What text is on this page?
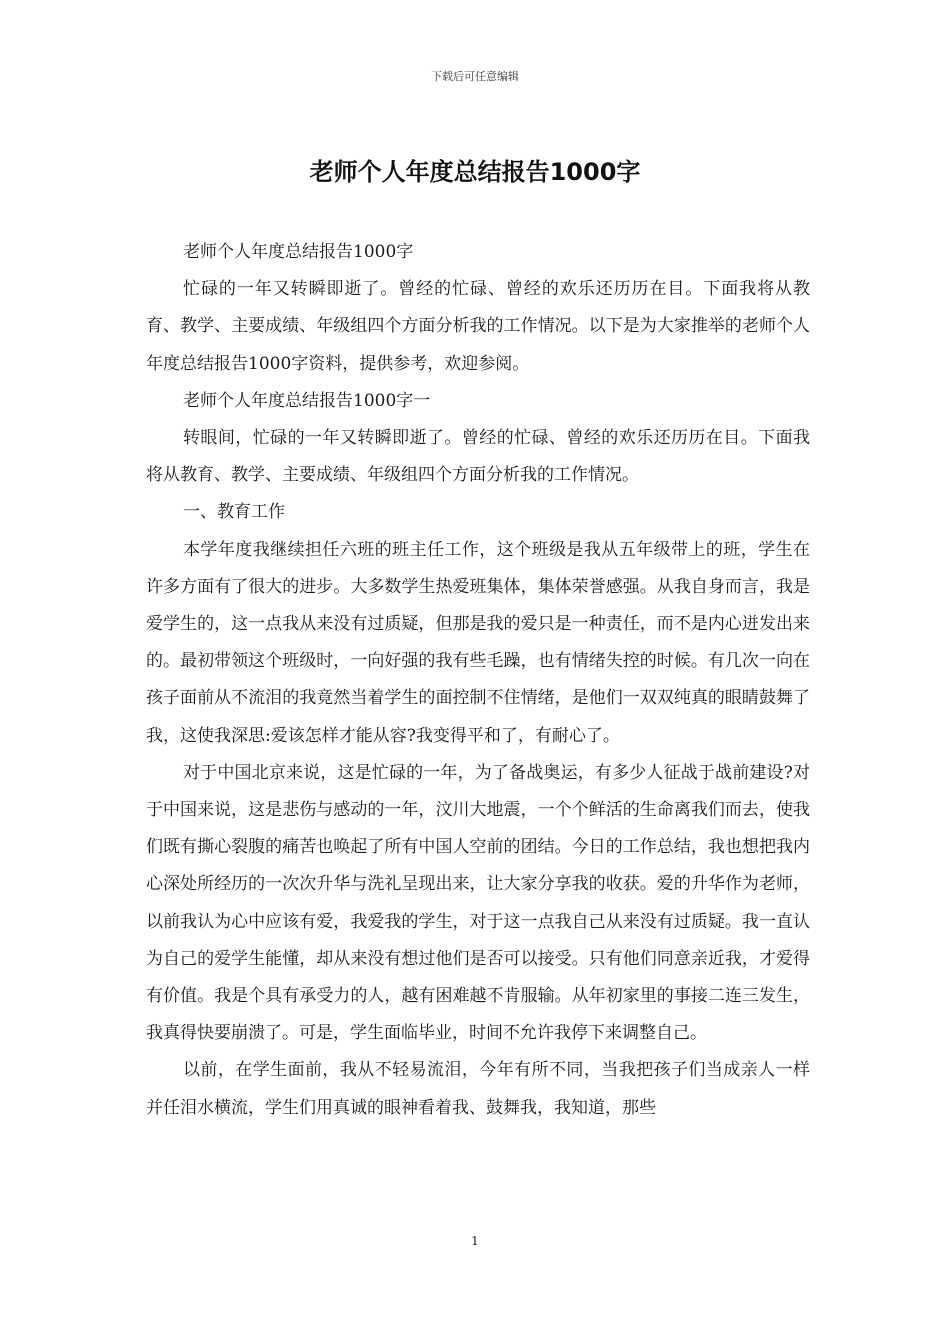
下载后可任意编辑
老师个人年度总结报告1000字

老师个人年度总结报告1000字

忙碌的一年又转瞬即逝了。曾经的忙碌、曾经的欢乐还历历在目。下面我将从教育、教学、主要成绩、年级组四个方面分析我的工作情况。以下是为大家推举的老师个人年度总结报告1000字资料，提供参考，欢迎参阅。

老师个人年度总结报告1000字一

转眼间，忙碌的一年又转瞬即逝了。曾经的忙碌、曾经的欢乐还历历在目。下面我将从教育、教学、主要成绩、年级组四个方面分析我的工作情况。

一、教育工作

本学年度我继续担任六班的班主任工作，这个班级是我从五年级带上的班，学生在许多方面有了很大的进步。大多数学生热爱班集体，集体荣誉感强。从我自身而言，我是爱学生的，这一点我从来没有过质疑，但那是我的爱只是一种责任，而不是内心迸发出来的。最初带领这个班级时，一向好强的我有些毛躁，也有情绪失控的时候。有几次一向在孩子面前从不流泪的我竟然当着学生的面控制不住情绪，是他们一双双纯真的眼睛鼓舞了我，这使我深思:爱该怎样才能从容?我变得平和了，有耐心了。

对于中国北京来说，这是忙碌的一年，为了备战奥运，有多少人征战于战前建设?对于中国来说，这是悲伤与感动的一年，汶川大地震，一个个鲜活的生命离我们而去，使我们既有撕心裂腹的痛苦也唤起了所有中国人空前的团结。今日的工作总结，我也想把我内心深处所经历的一次次升华与洗礼呈现出来，让大家分享我的收获。爱的升华作为老师，以前我认为心中应该有爱，我爱我的学生，对于这一点我自己从来没有过质疑。我一直认为自己的爱学生能懂，却从来没有想过他们是否可以接受。只有他们同意亲近我，才爱得有价值。我是个具有承受力的人，越有困难越不肯服输。从年初家里的事接二连三发生，我真得快要崩溃了。可是，学生面临毕业，时间不允许我停下来调整自己。

以前，在学生面前，我从不轻易流泪，今年有所不同，当我把孩子们当成亲人一样并任泪水横流，学生们用真诚的眼神看着我、鼓舞我，我知道，那些

1
